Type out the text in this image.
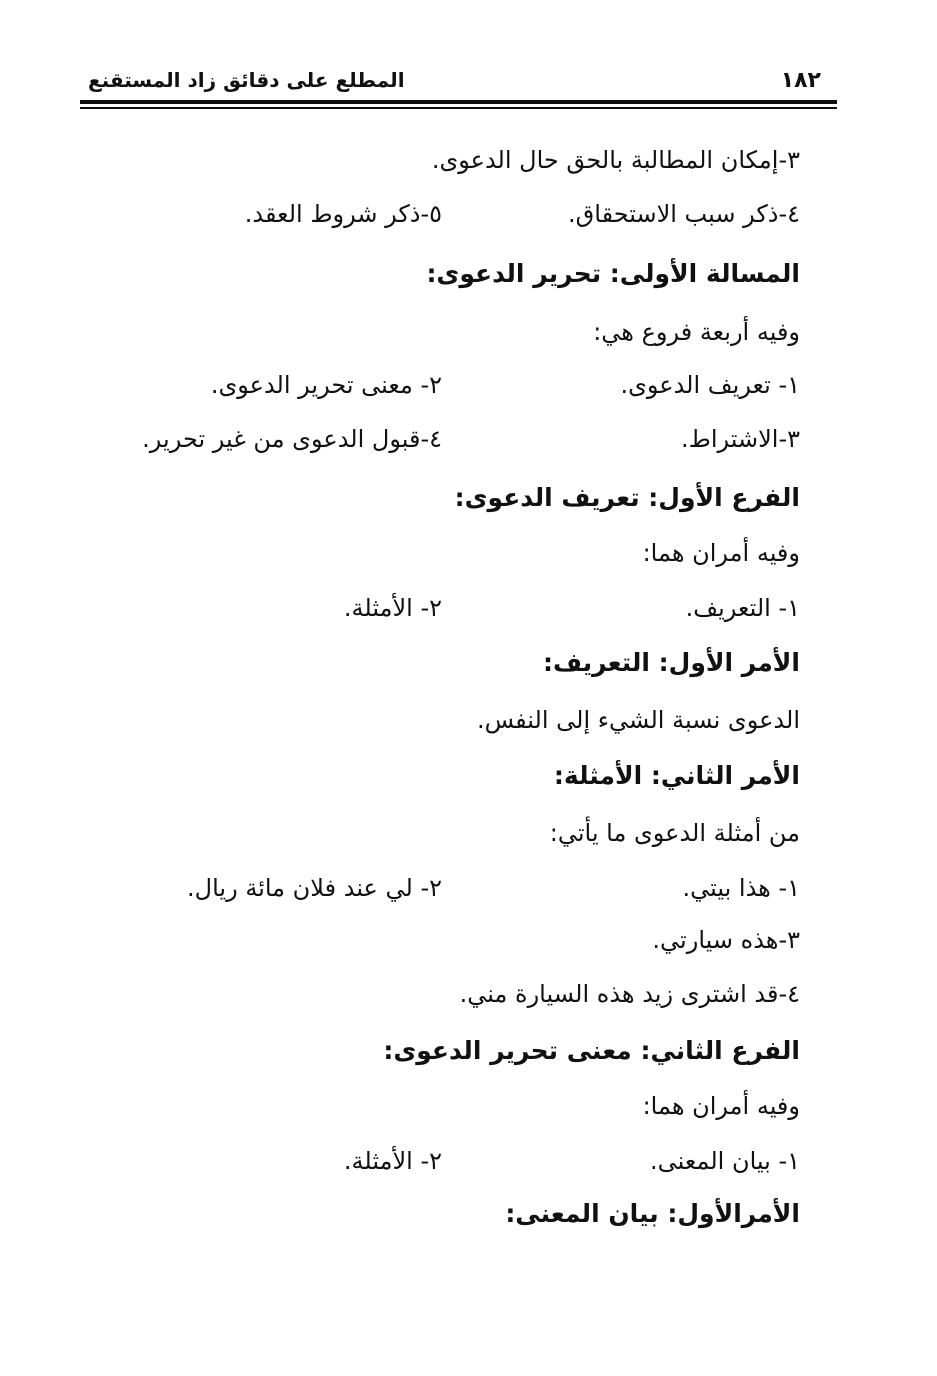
١٨٢
المطلع على دقائق زاد المستقنع
٣-إمكان المطالبة بالحق حال الدعوى.
٤-ذكر سبب الاستحقاق.
٥-ذكر شروط العقد.
المسالة الأولى: تحرير الدعوى:
وفيه أربعة فروع هي:
١- تعريف الدعوى.
٢- معنى تحرير الدعوى.
٣-الاشتراط.
٤-قبول الدعوى من غير تحرير.
الفرع الأول: تعريف الدعوى:
وفيه أمران هما:
١- التعريف.
٢- الأمثلة.
الأمر الأول: التعريف:
الدعوى نسبة الشيء إلى النفس.
الأمر الثاني: الأمثلة:
من أمثلة الدعوى ما يأتي:
١- هذا بيتي.
٢- لي عند فلان مائة ريال.
٣-هذه سيارتي.
٤-قد اشترى زيد هذه السيارة مني.
الفرع الثاني: معنى تحرير الدعوى:
وفيه أمران هما:
١- بيان المعنى.
٢- الأمثلة.
الأمرالأول: بيان المعنى:
